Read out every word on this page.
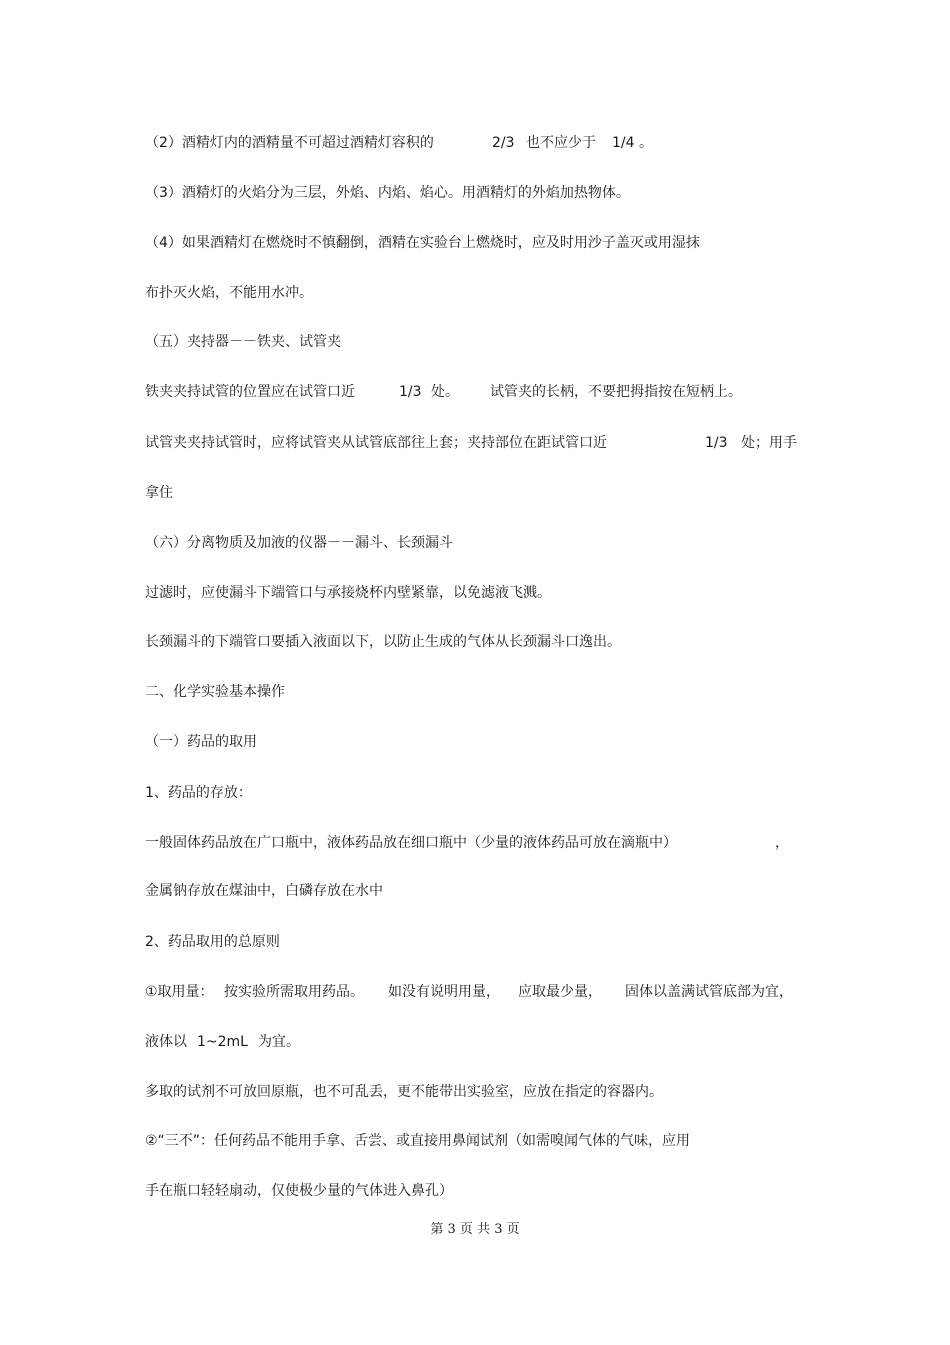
（2）酒精灯内的酒精量不可超过酒精灯容积的	2/3 也不应少于 1/4 。
（3）酒精灯的火焰分为三层，外焰、内焰、焰心。用酒精灯的外焰加热物体。
（4）如果酒精灯在燃烧时不慎翻倒，酒精在实验台上燃烧时，应及时用沙子盖灭或用湿抹
布扑灭火焰，不能用水冲。
（五）夹持器－－铁夹、试管夹
铁夹夹持试管的位置应在试管口近	1/3 处。 试管夹的长柄，不要把拇指按在短柄上。
试管夹夹持试管时，应将试管夹从试管底部往上套；夹持部位在距试管口近	1/3 处；用手
拿住
（六）分离物质及加液的仪器－－漏斗、长颈漏斗
过滤时，应使漏斗下端管口与承接烧杯内壁紧靠，以免滤液飞溅。
长颈漏斗的下端管口要插入液面以下，以防止生成的气体从长颈漏斗口逸出。
二、化学实验基本操作
（一）药品的取用
1、药品的存放：
一般固体药品放在广口瓶中，液体药品放在细口瓶中（少量的液体药品可放在滴瓶中）	，
金属钠存放在煤油中，白磷存放在水中
2、药品取用的总原则
①取用量： 按实验所需取用药品。 如没有说明用量， 应取最少量， 固体以盖满试管底部为宜，
液体以 1~2mL 为宜。
多取的试剂不可放回原瓶，也不可乱丢，更不能带出实验室，应放在指定的容器内。
②“三不”：任何药品不能用手拿、舌尝、或直接用鼻闻试剂（如需嗅闻气体的气味，应用
手在瓶口轻轻扇动，仅使极少量的气体进入鼻孔）
第 3 页 共 3 页
